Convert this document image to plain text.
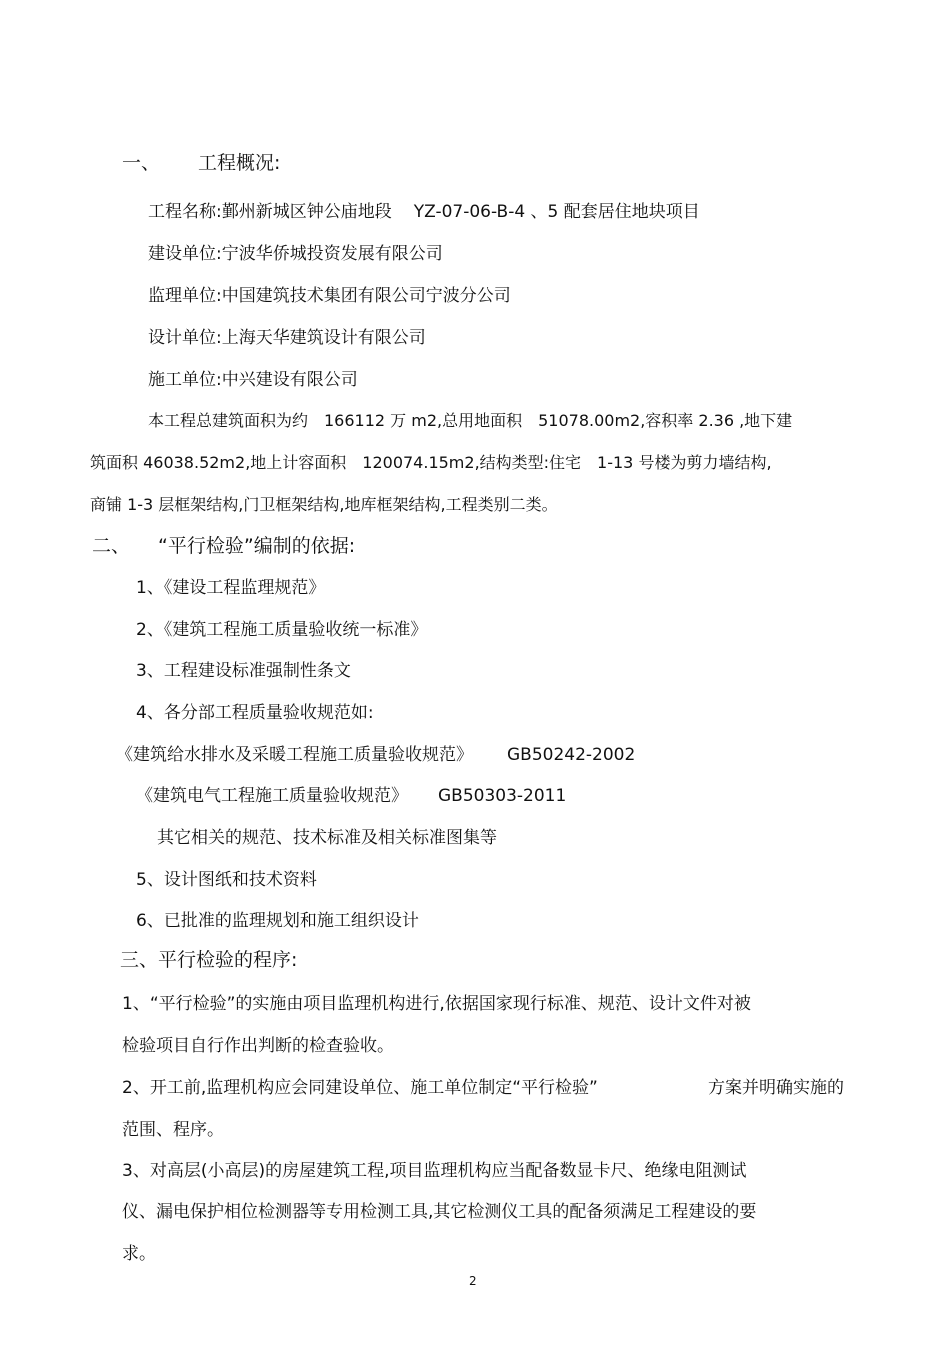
一、 工程概况:
工程名称:鄞州新城区钟公庙地段 YZ-07-06-B-4 、5 配套居住地块项目
建设单位:宁波华侨城投资发展有限公司
监理单位:中国建筑技术集团有限公司宁波分公司
设计单位:上海天华建筑设计有限公司
施工单位:中兴建设有限公司
本工程总建筑面积为约　166112 万 m2,总用地面积　51078.00m2,容积率 2.36 ,地下建
筑面积 46038.52m2,地上计容面积　120074.15m2,结构类型:住宅　1-13 号楼为剪力墙结构,
商铺 1-3 层框架结构,门卫框架结构,地库框架结构,工程类别二类。
二、 “平行检验”编制的依据:
1、《建设工程监理规范》
2、《建筑工程施工质量验收统一标准》
3、工程建设标准强制性条文
4、各分部工程质量验收规范如:
《建筑给水排水及采暖工程施工质量验收规范》 GB50242-2002
《建筑电气工程施工质量验收规范》 GB50303-2011
其它相关的规范、技术标准及相关标准图集等
5、设计图纸和技术资料
6、已批准的监理规划和施工组织设计
三、平行检验的程序:
1、“平行检验”的实施由项目监理机构进行,依据国家现行标准、规范、设计文件对被
检验项目自行作出判断的检查验收。
2、开工前,监理机构应会同建设单位、施工单位制定“平行检验”	方案并明确实施的
范围、程序。
3、对高层(小高层)的房屋建筑工程,项目监理机构应当配备数显卡尺、绝缘电阻测试
仪、漏电保护相位检测器等专用检测工具,其它检测仪工具的配备须满足工程建设的要
求。
2
